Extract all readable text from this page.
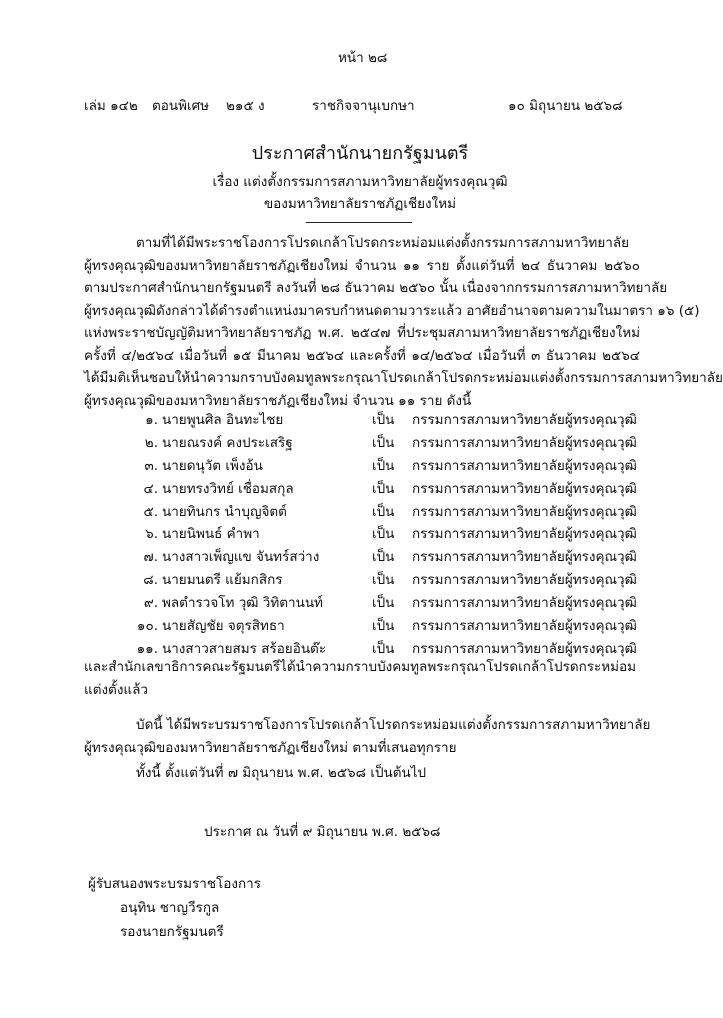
หน้า ๒๘
เล่ม ๑๔๒ ตอนพิเศษ ๒๑๕ ง	ราชกิจจานุเบกษา	๑๐ มิถุนายน ๒๕๖๘
ประกาศสำนักนายกรัฐมนตรี
เรื่อง แต่งตั้งกรรมการสภามหาวิทยาลัยผู้ทรงคุณวุฒิ
ของมหาวิทยาลัยราชภัฏเชียงใหม่
ตามที่ได้มีพระราชโองการโปรดเกล้าโปรดกระหม่อมแต่งตั้งกรรมการสภามหาวิทยาลัย
ผู้ทรงคุณวุฒิของมหาวิทยาลัยราชภัฏเชียงใหม่ จำนวน ๑๑ ราย ตั้งแต่วันที่ ๒๔ ธันวาคม ๒๕๖๐
ตามประกาศสำนักนายกรัฐมนตรี ลงวันที่ ๒๘ ธันวาคม ๒๕๖๐ นั้น เนื่องจากกรรมการสภามหาวิทยาลัย
ผู้ทรงคุณวุฒิดังกล่าวได้ดำรงตำแหน่งมาครบกำหนดตามวาระแล้ว อาศัยอำนาจตามความในมาตรา ๑๖ (๕)
แห่งพระราชบัญญัติมหาวิทยาลัยราชภัฏ พ.ศ. ๒๕๔๗ ที่ประชุมสภามหาวิทยาลัยราชภัฏเชียงใหม่
ครั้งที่ ๔/๒๕๖๔ เมื่อวันที่ ๑๕ มีนาคม ๒๕๖๔ และครั้งที่ ๑๔/๒๕๖๔ เมื่อวันที่ ๓ ธันวาคม ๒๕๖๔
ได้มีมติเห็นชอบให้นำความกราบบังคมทูลพระกรุณาโปรดเกล้าโปรดกระหม่อมแต่งตั้งกรรมการสภามหาวิทยาลัย
ผู้ทรงคุณวุฒิของมหาวิทยาลัยราชภัฏเชียงใหม่ จำนวน ๑๑ ราย ดังนี้
๑. นายพูนศิล อินทะไชย	เป็น กรรมการสภามหาวิทยาลัยผู้ทรงคุณวุฒิ
๒. นายณรงค์ คงประเสริฐ	เป็น กรรมการสภามหาวิทยาลัยผู้ทรงคุณวุฒิ
๓. นายดนุวัต เพ็งอ้น	เป็น กรรมการสภามหาวิทยาลัยผู้ทรงคุณวุฒิ
๔. นายทรงวิทย์ เชื่อมสกุล	เป็น กรรมการสภามหาวิทยาลัยผู้ทรงคุณวุฒิ
๕. นายทินกร นำบุญจิตต์	เป็น กรรมการสภามหาวิทยาลัยผู้ทรงคุณวุฒิ
๖. นายนิพนธ์ คำพา	เป็น กรรมการสภามหาวิทยาลัยผู้ทรงคุณวุฒิ
๗. นางสาวเพ็ญแข จันทร์สว่าง	เป็น กรรมการสภามหาวิทยาลัยผู้ทรงคุณวุฒิ
๘. นายมนตรี แย้มกสิกร	เป็น กรรมการสภามหาวิทยาลัยผู้ทรงคุณวุฒิ
๙. พลตำรวจโท วุฒิ วิทิตานนท์	เป็น กรรมการสภามหาวิทยาลัยผู้ทรงคุณวุฒิ
๑๐. นายสัญชัย จตุรสิทธา	เป็น กรรมการสภามหาวิทยาลัยผู้ทรงคุณวุฒิ
๑๑. นางสาวสายสมร สร้อยอินต๊ะ	เป็น กรรมการสภามหาวิทยาลัยผู้ทรงคุณวุฒิ
และสำนักเลขาธิการคณะรัฐมนตรีได้นำความกราบบังคมทูลพระกรุณาโปรดเกล้าโปรดกระหม่อม
แต่งตั้งแล้ว
บัดนี้ ได้มีพระบรมราชโองการโปรดเกล้าโปรดกระหม่อมแต่งตั้งกรรมการสภามหาวิทยาลัย
ผู้ทรงคุณวุฒิของมหาวิทยาลัยราชภัฏเชียงใหม่ ตามที่เสนอทุกราย
ทั้งนี้ ตั้งแต่วันที่ ๗ มิถุนายน พ.ศ. ๒๕๖๘ เป็นต้นไป
ประกาศ ณ วันที่ ๙ มิถุนายน พ.ศ. ๒๕๖๘
ผู้รับสนองพระบรมราชโองการ
อนุทิน ชาญวีรกูล
รองนายกรัฐมนตรี
